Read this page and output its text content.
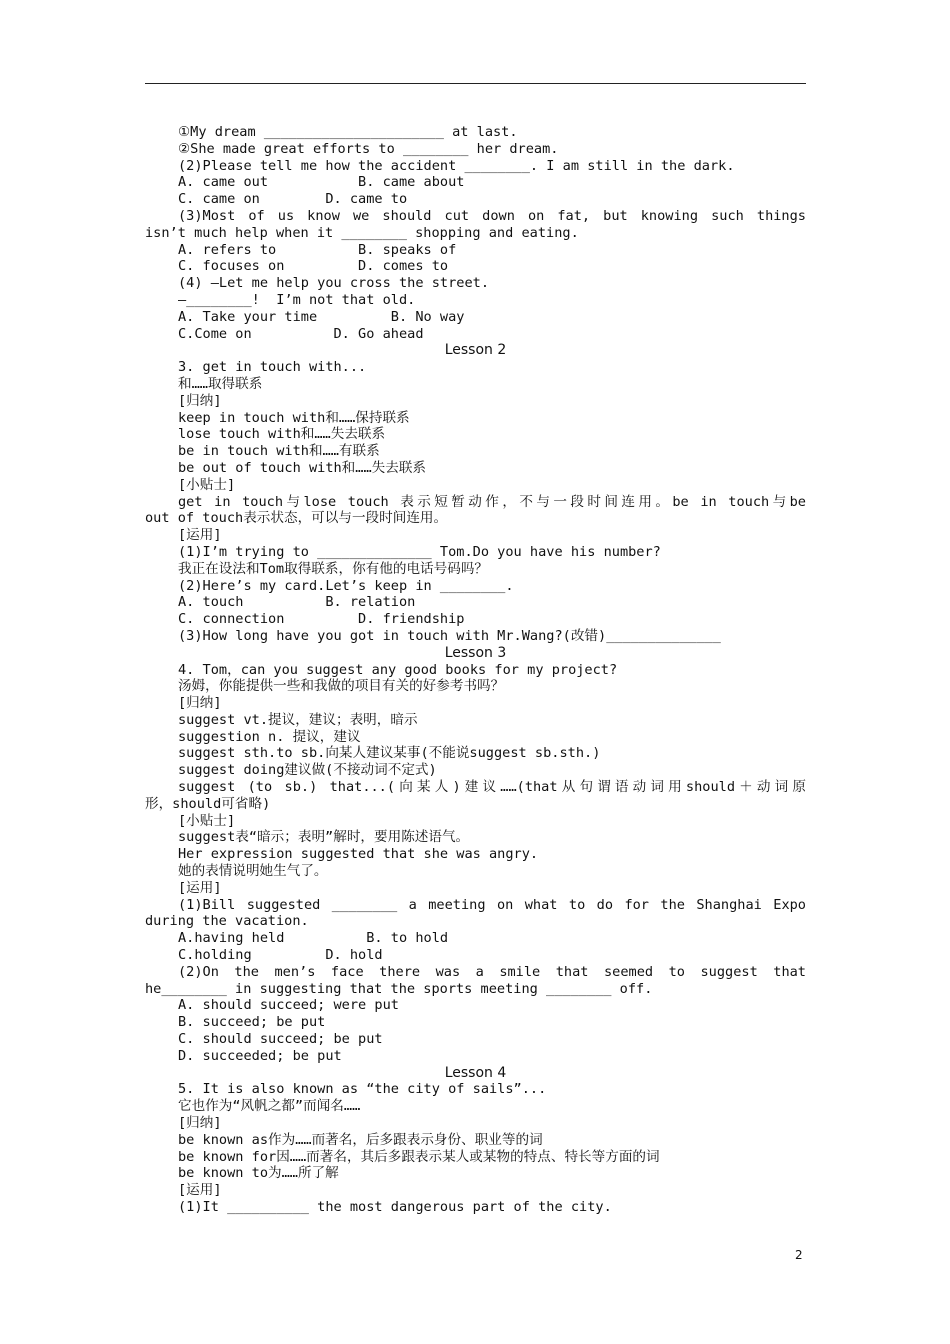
①My dream ______________________ at last.
②She made great efforts to ________ her dream.
(2)Please tell me how the accident ________. I am still in the dark.
A. came out           B. came about
C. came on        D. came to
(3)Most of us know we should cut down on fat, but knowing such things
isn’t much help when it ________ shopping and eating.
A. refers to          B. speaks of
C. focuses on         D. comes to
(4) —Let me help you cross the street.
—________!  I’m not that old.
A. Take your time         B. No way
C.Come on          D. Go ahead
Lesson 2
3. get in touch with...
和……取得联系
[归纳]
keep in touch with和……保持联系
lose touch with和……失去联系
be in touch with和……有联系
be out of touch with和……失去联系
[小贴士]
get in touch与lose touch 表示短暂动作，不与一段时间连用。be in touch与be
out of touch表示状态，可以与一段时间连用。
[运用]
(1)I’m trying to ______________ Tom.Do you have his number?
我正在设法和Tom取得联系，你有他的电话号码吗？
(2)Here’s my card.Let’s keep in ________.
A. touch          B. relation
C. connection         D. friendship
(3)How long have you got in touch with Mr.Wang?(改错)______________
Lesson 3
4. Tom，can you suggest any good books for my project?
汤姆，你能提供一些和我做的项目有关的好参考书吗？
[归纳]
suggest vt.提议，建议；表明，暗示
suggestion n. 提议，建议
suggest sth.to sb.向某人建议某事(不能说suggest sb.sth.)
suggest doing建议做(不接动词不定式)
suggest (to sb.) that...(向某人)建议……(that从句谓语动词用should＋动词原
形，should可省略)
[小贴士]
suggest表“暗示；表明”解时，要用陈述语气。
Her expression suggested that she was angry.
她的表情说明她生气了。
[运用]
(1)Bill suggested ________ a meeting on what to do for the Shanghai Expo
during the vacation.
A.having held          B. to hold
C.holding         D. hold
(2)On the men’s face there was a smile that seemed to suggest that
he________ in suggesting that the sports meeting ________ off.
A. should succeed; were put
B. succeed; be put
C. should succeed; be put
D. succeeded; be put
Lesson 4
5. It is also known as “the city of sails”...
它也作为“风帆之都”而闻名……
[归纳]
be known as作为……而著名，后多跟表示身份、职业等的词
be known for因……而著名，其后多跟表示某人或某物的特点、特长等方面的词
be known to为……所了解
[运用]
(1)It __________ the most dangerous part of the city.
2
